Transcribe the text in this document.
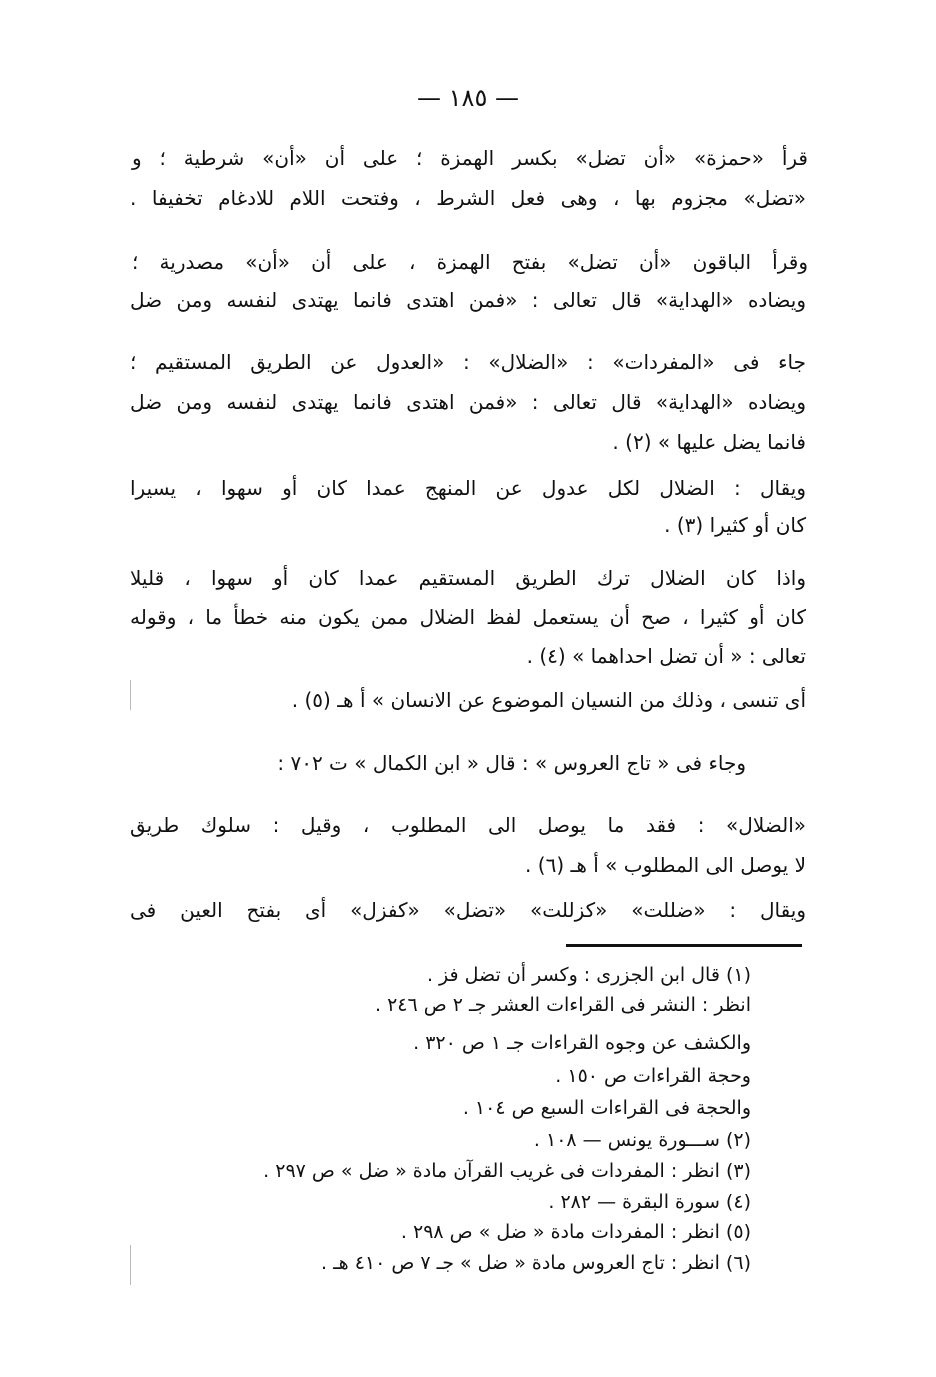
— ١٨٥ —
قرأ «حمزة» «أن تضل» بكسر الهمزة ؛ على أن «أن» شرطية ؛ و
«تضل» مجزوم بها ، وهى فعل الشرط ، وفتحت اللام للادغام تخفيفا .
وقرأ الباقون «أن تضل» بفتح الهمزة ، على أن «أن» مصدرية ؛
ويضاده «الهداية» قال تعالى : «فمن اهتدى فانما يهتدى لنفسه ومن ضل
جاء فى «المفردات» : «الضلال» : «العدول عن الطريق المستقيم ؛
ويضاده «الهداية» قال تعالى : «فمن اهتدى فانما يهتدى لنفسه ومن ضل
فانما يضل عليها » (٢) .
ويقال : الضلال لكل عدول عن المنهج عمدا كان أو سهوا ، يسيرا
كان أو كثيرا (٣) .
واذا كان الضلال ترك الطريق المستقيم عمدا كان أو سهوا ، قليلا
كان أو كثيرا ، صح أن يستعمل لفظ الضلال ممن يكون منه خطأ ما ، وقوله
تعالى : « أن تضل احداهما » (٤) .
أى تنسى ، وذلك من النسيان الموضوع عن الانسان » أ هـ (٥) .
وجاء فى « تاج العروس » : قال « ابن الكمال » ت ٧٠٢ :
«الضلال» : فقد ما يوصل الى المطلوب ، وقيل : سلوك طريق
لا يوصل الى المطلوب » أ هـ (٦) .
ويقال : «ضللت» «كزللت» «تضل» «كفزل» أى بفتح العين فى
(١) قال ابن الجزرى : وكسر أن تضل فز .
انظر : النشر فى القراءات العشر جـ ٢ ص ٢٤٦ .
والكشف عن وجوه القراءات جـ ١ ص ٣٢٠ .
وحجة القراءات ص ١٥٠ .
والحجة فى القراءات السبع ص ١٠٤ .
(٢) ســـورة يونس — ١٠٨ .
(٣) انظر : المفردات فى غريب القرآن مادة « ضل » ص ٢٩٧ .
(٤) سورة البقرة — ٢٨٢ .
(٥) انظر : المفردات مادة « ضل » ص ٢٩٨ .
(٦) انظر : تاج العروس مادة « ضل » جـ ٧ ص ٤١٠ هـ .
